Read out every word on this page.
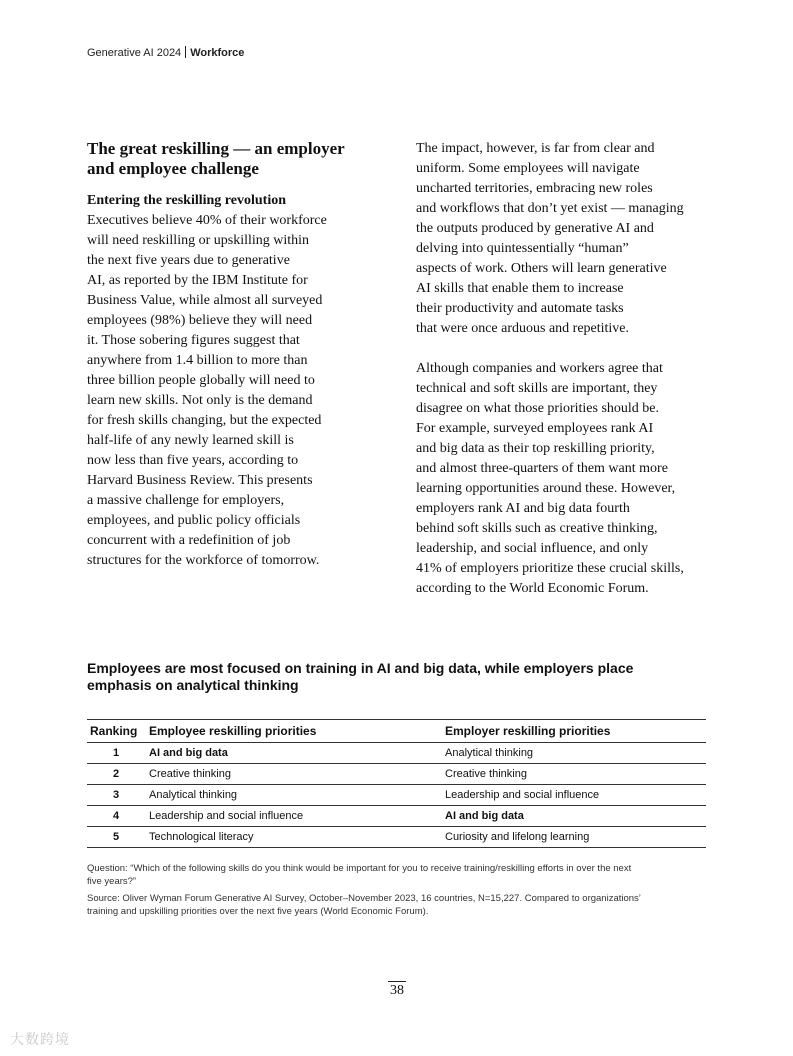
Generative AI 2024 Workforce
The great reskilling — an employer
and employee challenge
Entering the reskilling revolution
Executives believe 40% of their workforce
will need reskilling or upskilling within
the next five years due to generative
AI, as reported by the IBM Institute for
Business Value, while almost all surveyed
employees (98%) believe they will need
it. Those sobering figures suggest that
anywhere from 1.4 billion to more than
three billion people globally will need to
learn new skills. Not only is the demand
for fresh skills changing, but the expected
half-life of any newly learned skill is
now less than five years, according to
Harvard Business Review. This presents
a massive challenge for employers,
employees, and public policy officials
concurrent with a redefinition of job
structures for the workforce of tomorrow.
The impact, however, is far from clear and
uniform. Some employees will navigate
uncharted territories, embracing new roles
and workflows that don’t yet exist — managing
the outputs produced by generative AI and
delving into quintessentially “human”
aspects of work. Others will learn generative
AI skills that enable them to increase
their productivity and automate tasks
that were once arduous and repetitive.
Although companies and workers agree that
technical and soft skills are important, they
disagree on what those priorities should be.
For example, surveyed employees rank AI
and big data as their top reskilling priority,
and almost three-quarters of them want more
learning opportunities around these. However,
employers rank AI and big data fourth
behind soft skills such as creative thinking,
leadership, and social influence, and only
41% of employers prioritize these crucial skills,
according to the World Economic Forum.
Employees are most focused on training in AI and big data, while employers place
emphasis on analytical thinking
Ranking	Employee reskilling priorities	Employer reskilling priorities
1	AI and big data	Analytical thinking
2	Creative thinking	Creative thinking
3	Analytical thinking	Leadership and social influence
4	Leadership and social influence	AI and big data
5	Technological literacy	Curiosity and lifelong learning
Question: “Which of the following skills do you think would be important for you to receive training/reskilling efforts in over the next
five years?”
Source: Oliver Wyman Forum Generative AI Survey, October–November 2023, 16 countries, N=15,227. Compared to organizations’
training and upskilling priorities over the next five years (World Economic Forum).
38
大数跨境
